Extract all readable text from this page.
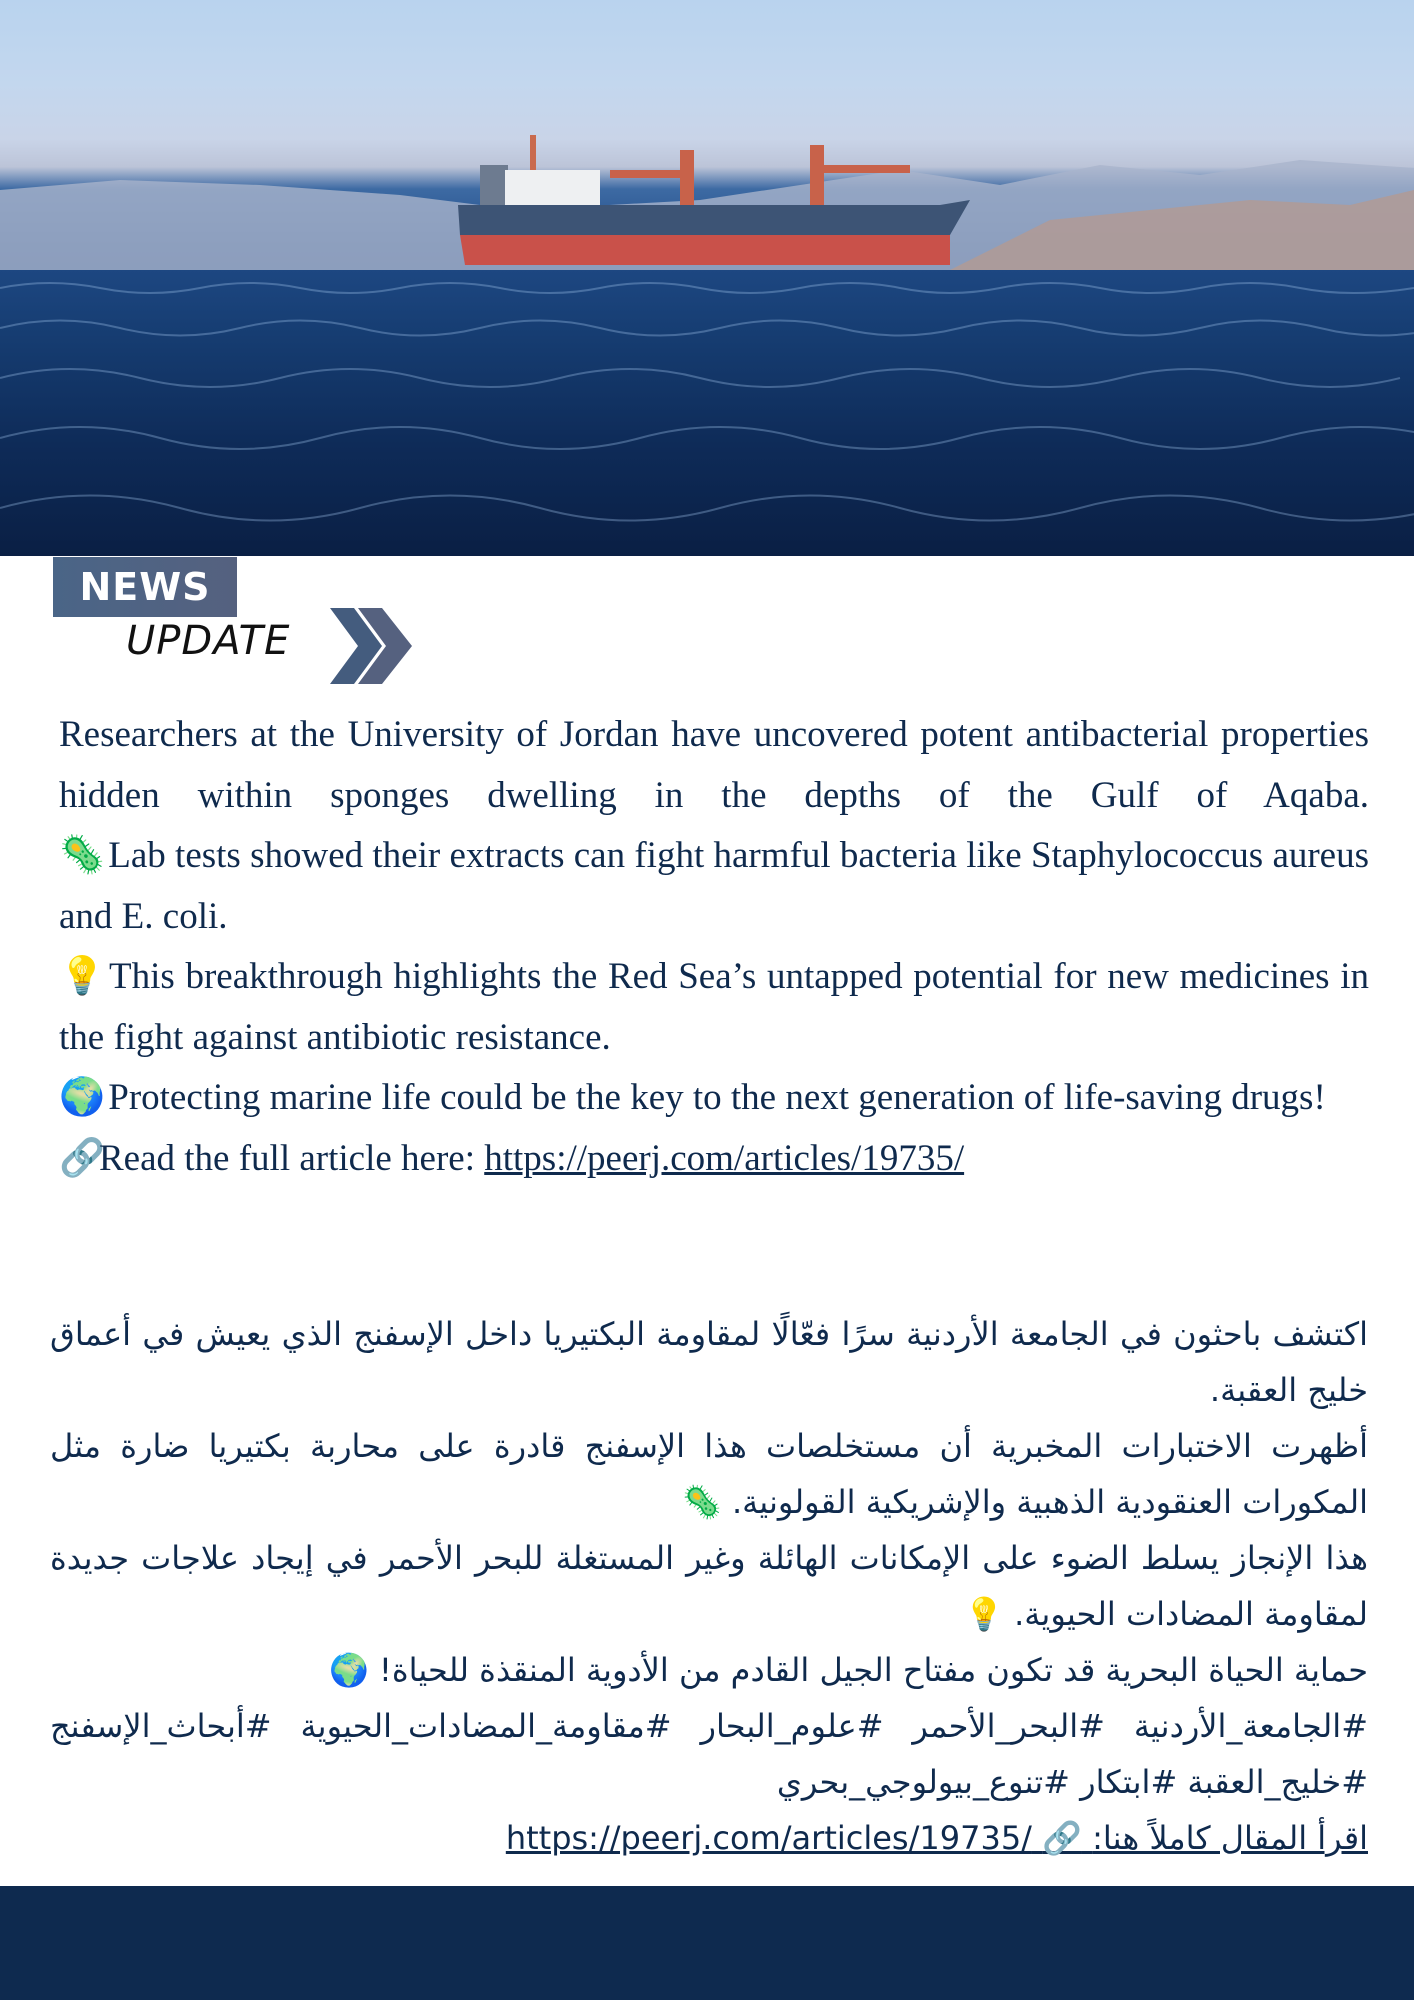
NEWS
UPDATE

Researchers at the University of Jordan have uncovered potent antibacterial properties hidden within sponges dwelling in the depths of the Gulf of Aqaba.

🦠 Lab tests showed their extracts can fight harmful bacteria like Staphylococcus aureus and E. coli.

💡 This breakthrough highlights the Red Sea’s untapped potential for new medicines in the fight against antibiotic resistance.

🌍 Protecting marine life could be the key to the next generation of life-saving drugs!

🔗Read the full article here: https://peerj.com/articles/19735/

اكتشف باحثون في الجامعة الأردنية سرًا فعّالًا لمقاومة البكتيريا داخل الإسفنج الذي يعيش في أعماق خليج العقبة.

أظهرت الاختبارات المخبرية أن مستخلصات هذا الإسفنج قادرة على محاربة بكتيريا ضارة مثل المكورات العنقودية الذهبية والإشريكية القولونية. 🦠

هذا الإنجاز يسلط الضوء على الإمكانات الهائلة وغير المستغلة للبحر الأحمر في إيجاد علاجات جديدة لمقاومة المضادات الحيوية. 💡

حماية الحياة البحرية قد تكون مفتاح الجيل القادم من الأدوية المنقذة للحياة! 🌍

#الجامعة_الأردنية #البحر_الأحمر #علوم_البحار #مقاومة_المضادات_الحيوية #أبحاث_الإسفنج #خليج_العقبة #ابتكار #تنوع_بيولوجي_بحري

اقرأ المقال كاملاً هنا: 🔗 https://peerj.com/articles/19735/
